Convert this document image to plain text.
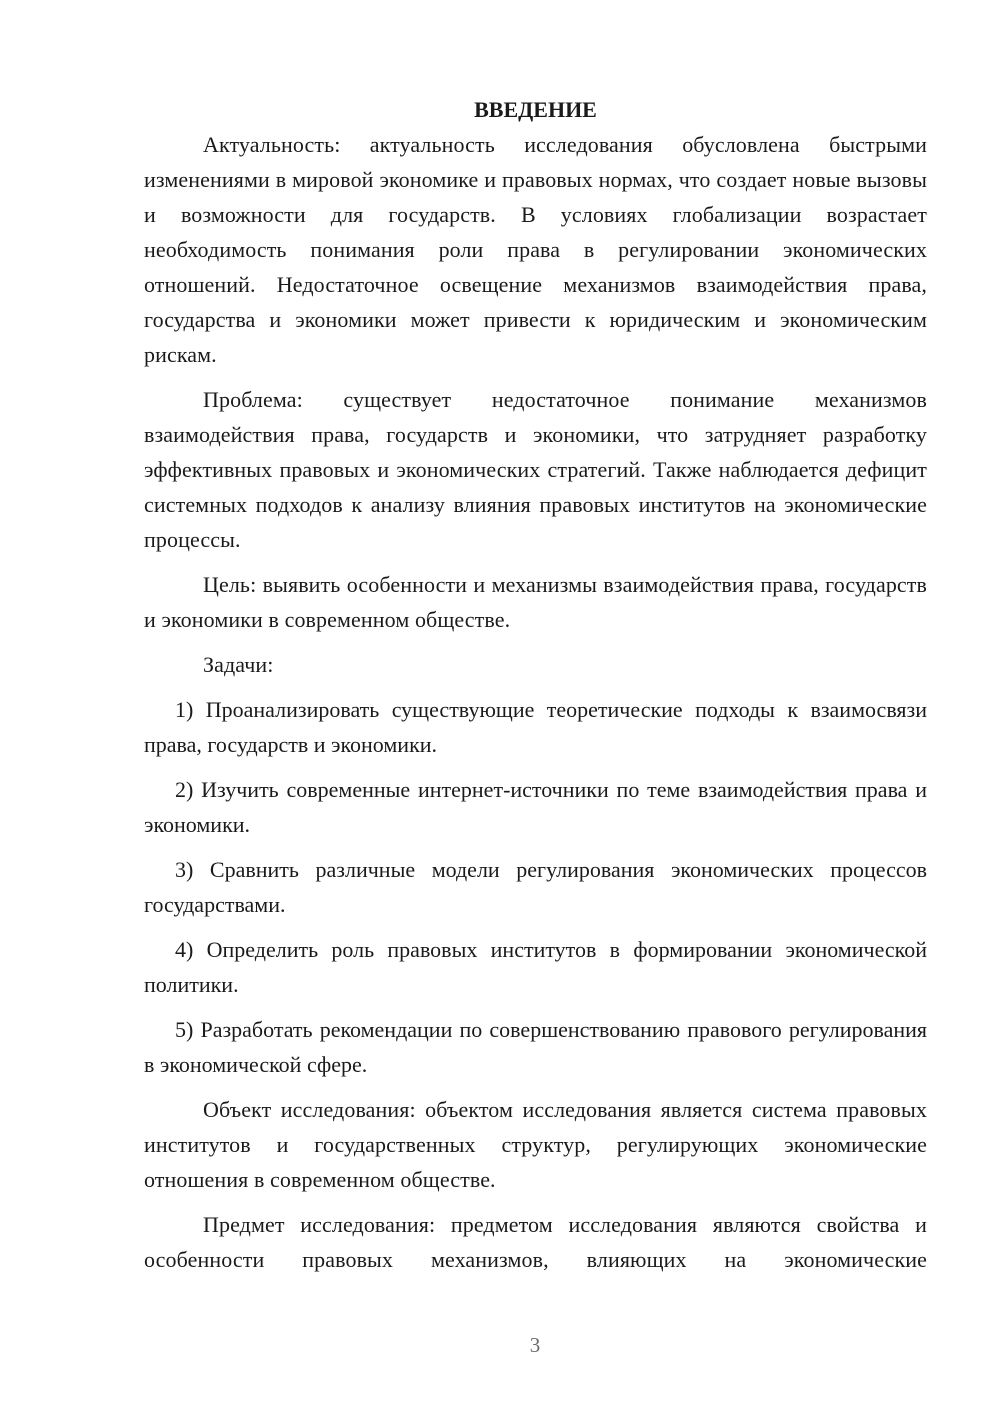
ВВЕДЕНИЕ

Актуальность: актуальность исследования обусловлена быстрыми изменениями в мировой экономике и правовых нормах, что создает новые вызовы и возможности для государств. В условиях глобализации возрастает необходимость понимания роли права в регулировании экономических отношений. Недостаточное освещение механизмов взаимодействия права, государства и экономики может привести к юридическим и экономическим рискам.

Проблема: существует недостаточное понимание механизмов взаимодействия права, государств и экономики, что затрудняет разработку эффективных правовых и экономических стратегий. Также наблюдается дефицит системных подходов к анализу влияния правовых институтов на экономические процессы.

Цель: выявить особенности и механизмы взаимодействия права, государств и экономики в современном обществе.

Задачи:

1) Проанализировать существующие теоретические подходы к взаимосвязи права, государств и экономики.

2) Изучить современные интернет-источники по теме взаимодействия права и экономики.

3) Сравнить различные модели регулирования экономических процессов государствами.

4) Определить роль правовых институтов в формировании экономической политики.

5) Разработать рекомендации по совершенствованию правового регулирования в экономической сфере.

Объект исследования: объектом исследования является система правовых институтов и государственных структур, регулирующих экономические отношения в современном обществе.

Предмет исследования: предметом исследования являются свойства и особенности правовых механизмов, влияющих на экономические

3
